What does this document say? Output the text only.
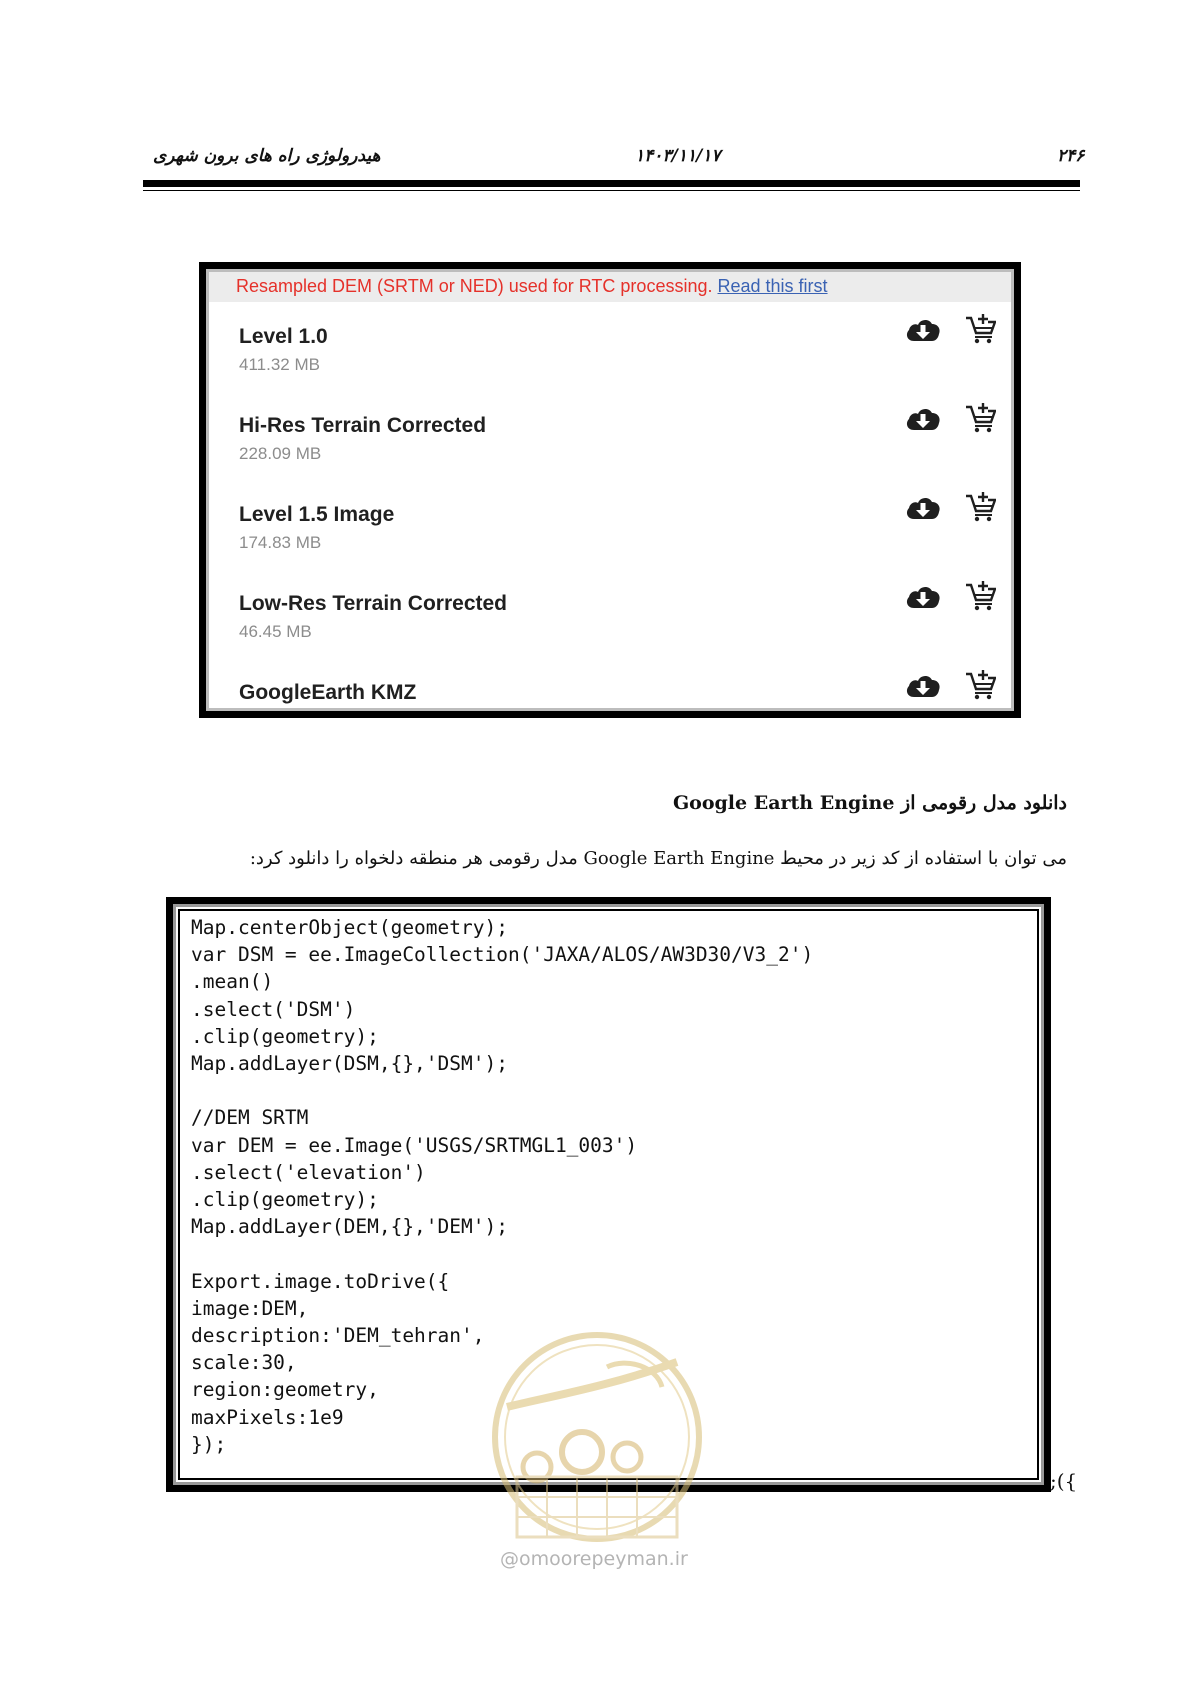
۲۴۶
۱۴۰۳/۱۱/۱۷
هیدرولوژی راه های برون شهری
Resampled DEM (SRTM or NED) used for RTC processing. Read this first
Level 1.0
411.32 MB
Hi-Res Terrain Corrected
228.09 MB
Level 1.5 Image
174.83 MB
Low-Res Terrain Corrected
46.45 MB
GoogleEarth KMZ
دانلود مدل رقومی از Google Earth Engine
می توان با استفاده از کد زیر در محیط Google Earth Engine مدل رقومی هر منطقه دلخواه را دانلود کرد:
Map.centerObject(geometry);
var DSM = ee.ImageCollection('JAXA/ALOS/AW3D30/V3_2')
.mean()
.select('DSM')
.clip(geometry);
Map.addLayer(DSM,{},'DSM');

//DEM SRTM
var DEM = ee.Image('USGS/SRTMGL1_003')
.select('elevation')
.clip(geometry);
Map.addLayer(DEM,{},'DEM');

Export.image.toDrive({
image:DEM,
description:'DEM_tehran',
scale:30,
region:geometry,
maxPixels:1e9
});
;({
@omoorepeyman.ir
